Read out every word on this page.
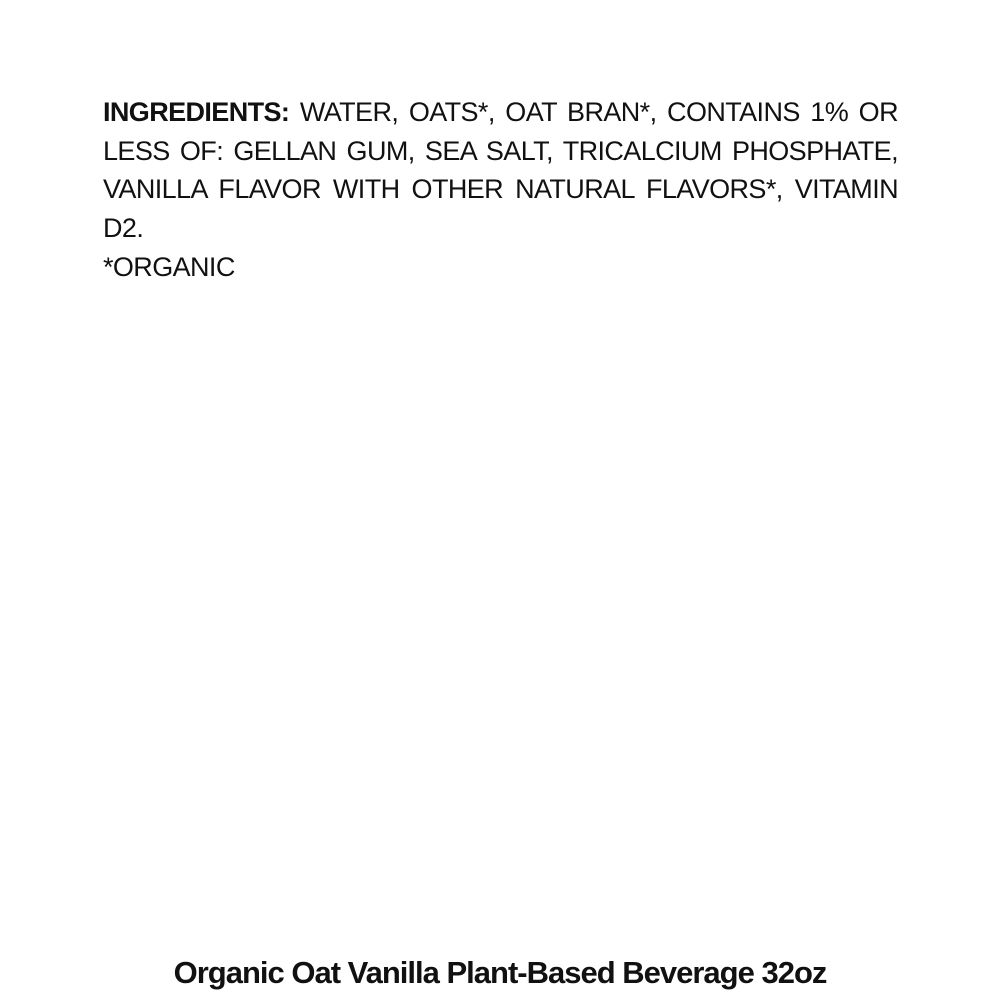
INGREDIENTS: WATER, OATS*, OAT BRAN*, CONTAINS 1% OR LESS OF: GELLAN GUM, SEA SALT, TRICALCIUM PHOSPHATE, VANILLA FLAVOR WITH OTHER NATURAL FLAVORS*, VITAMIN D2.
*ORGANIC
Organic Oat Vanilla Plant-Based Beverage 32oz
